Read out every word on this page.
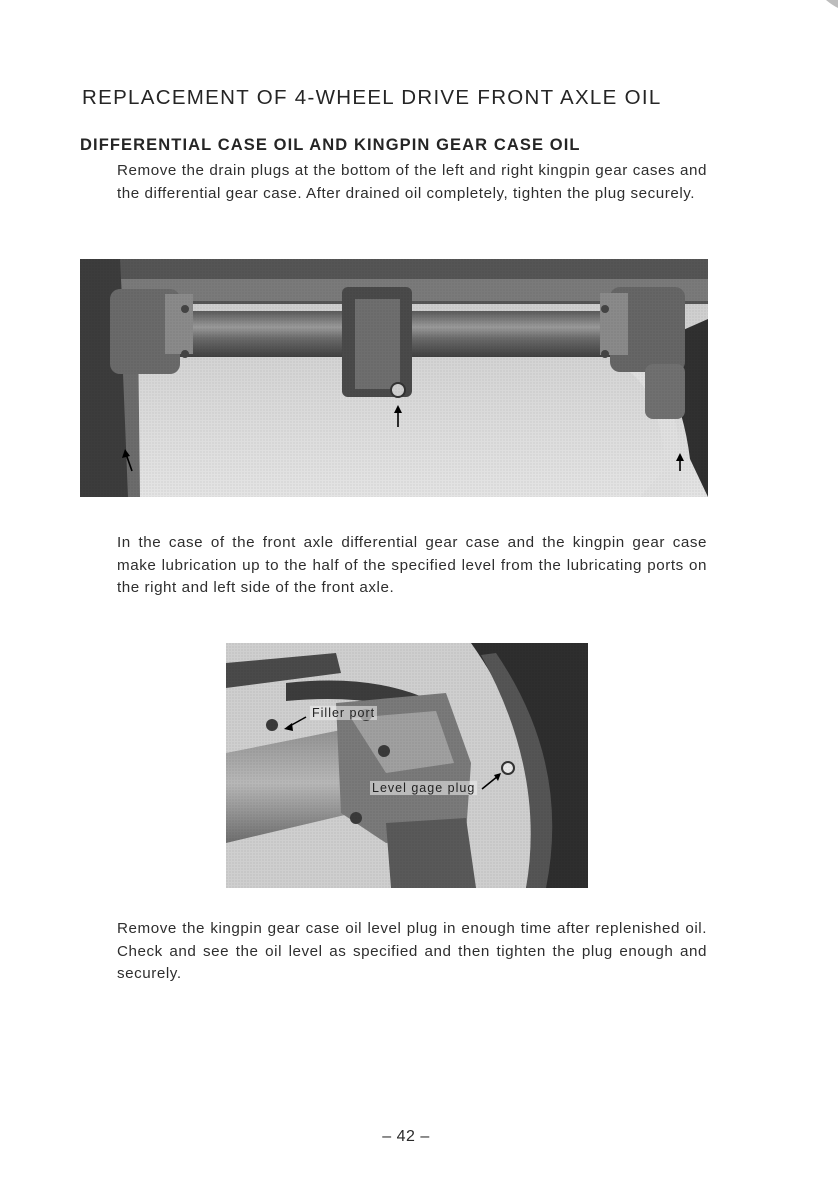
REPLACEMENT OF 4-WHEEL DRIVE FRONT AXLE OIL
DIFFERENTIAL CASE OIL AND KINGPIN GEAR CASE OIL

Remove the drain plugs at the bottom of the left and right kingpin gear cases and the differential gear case. After drained oil completely, tighten the plug securely.

In the case of the front axle differential gear case and the kingpin gear case make lubrication up to the half of the specified level from the lubricating ports on the right and left side of the front axle.

Filler port
Level gage plug

Remove the kingpin gear case oil level plug in enough time after replenished oil. Check and see the oil level as specified and then tighten the plug enough and securely.

– 42 –
